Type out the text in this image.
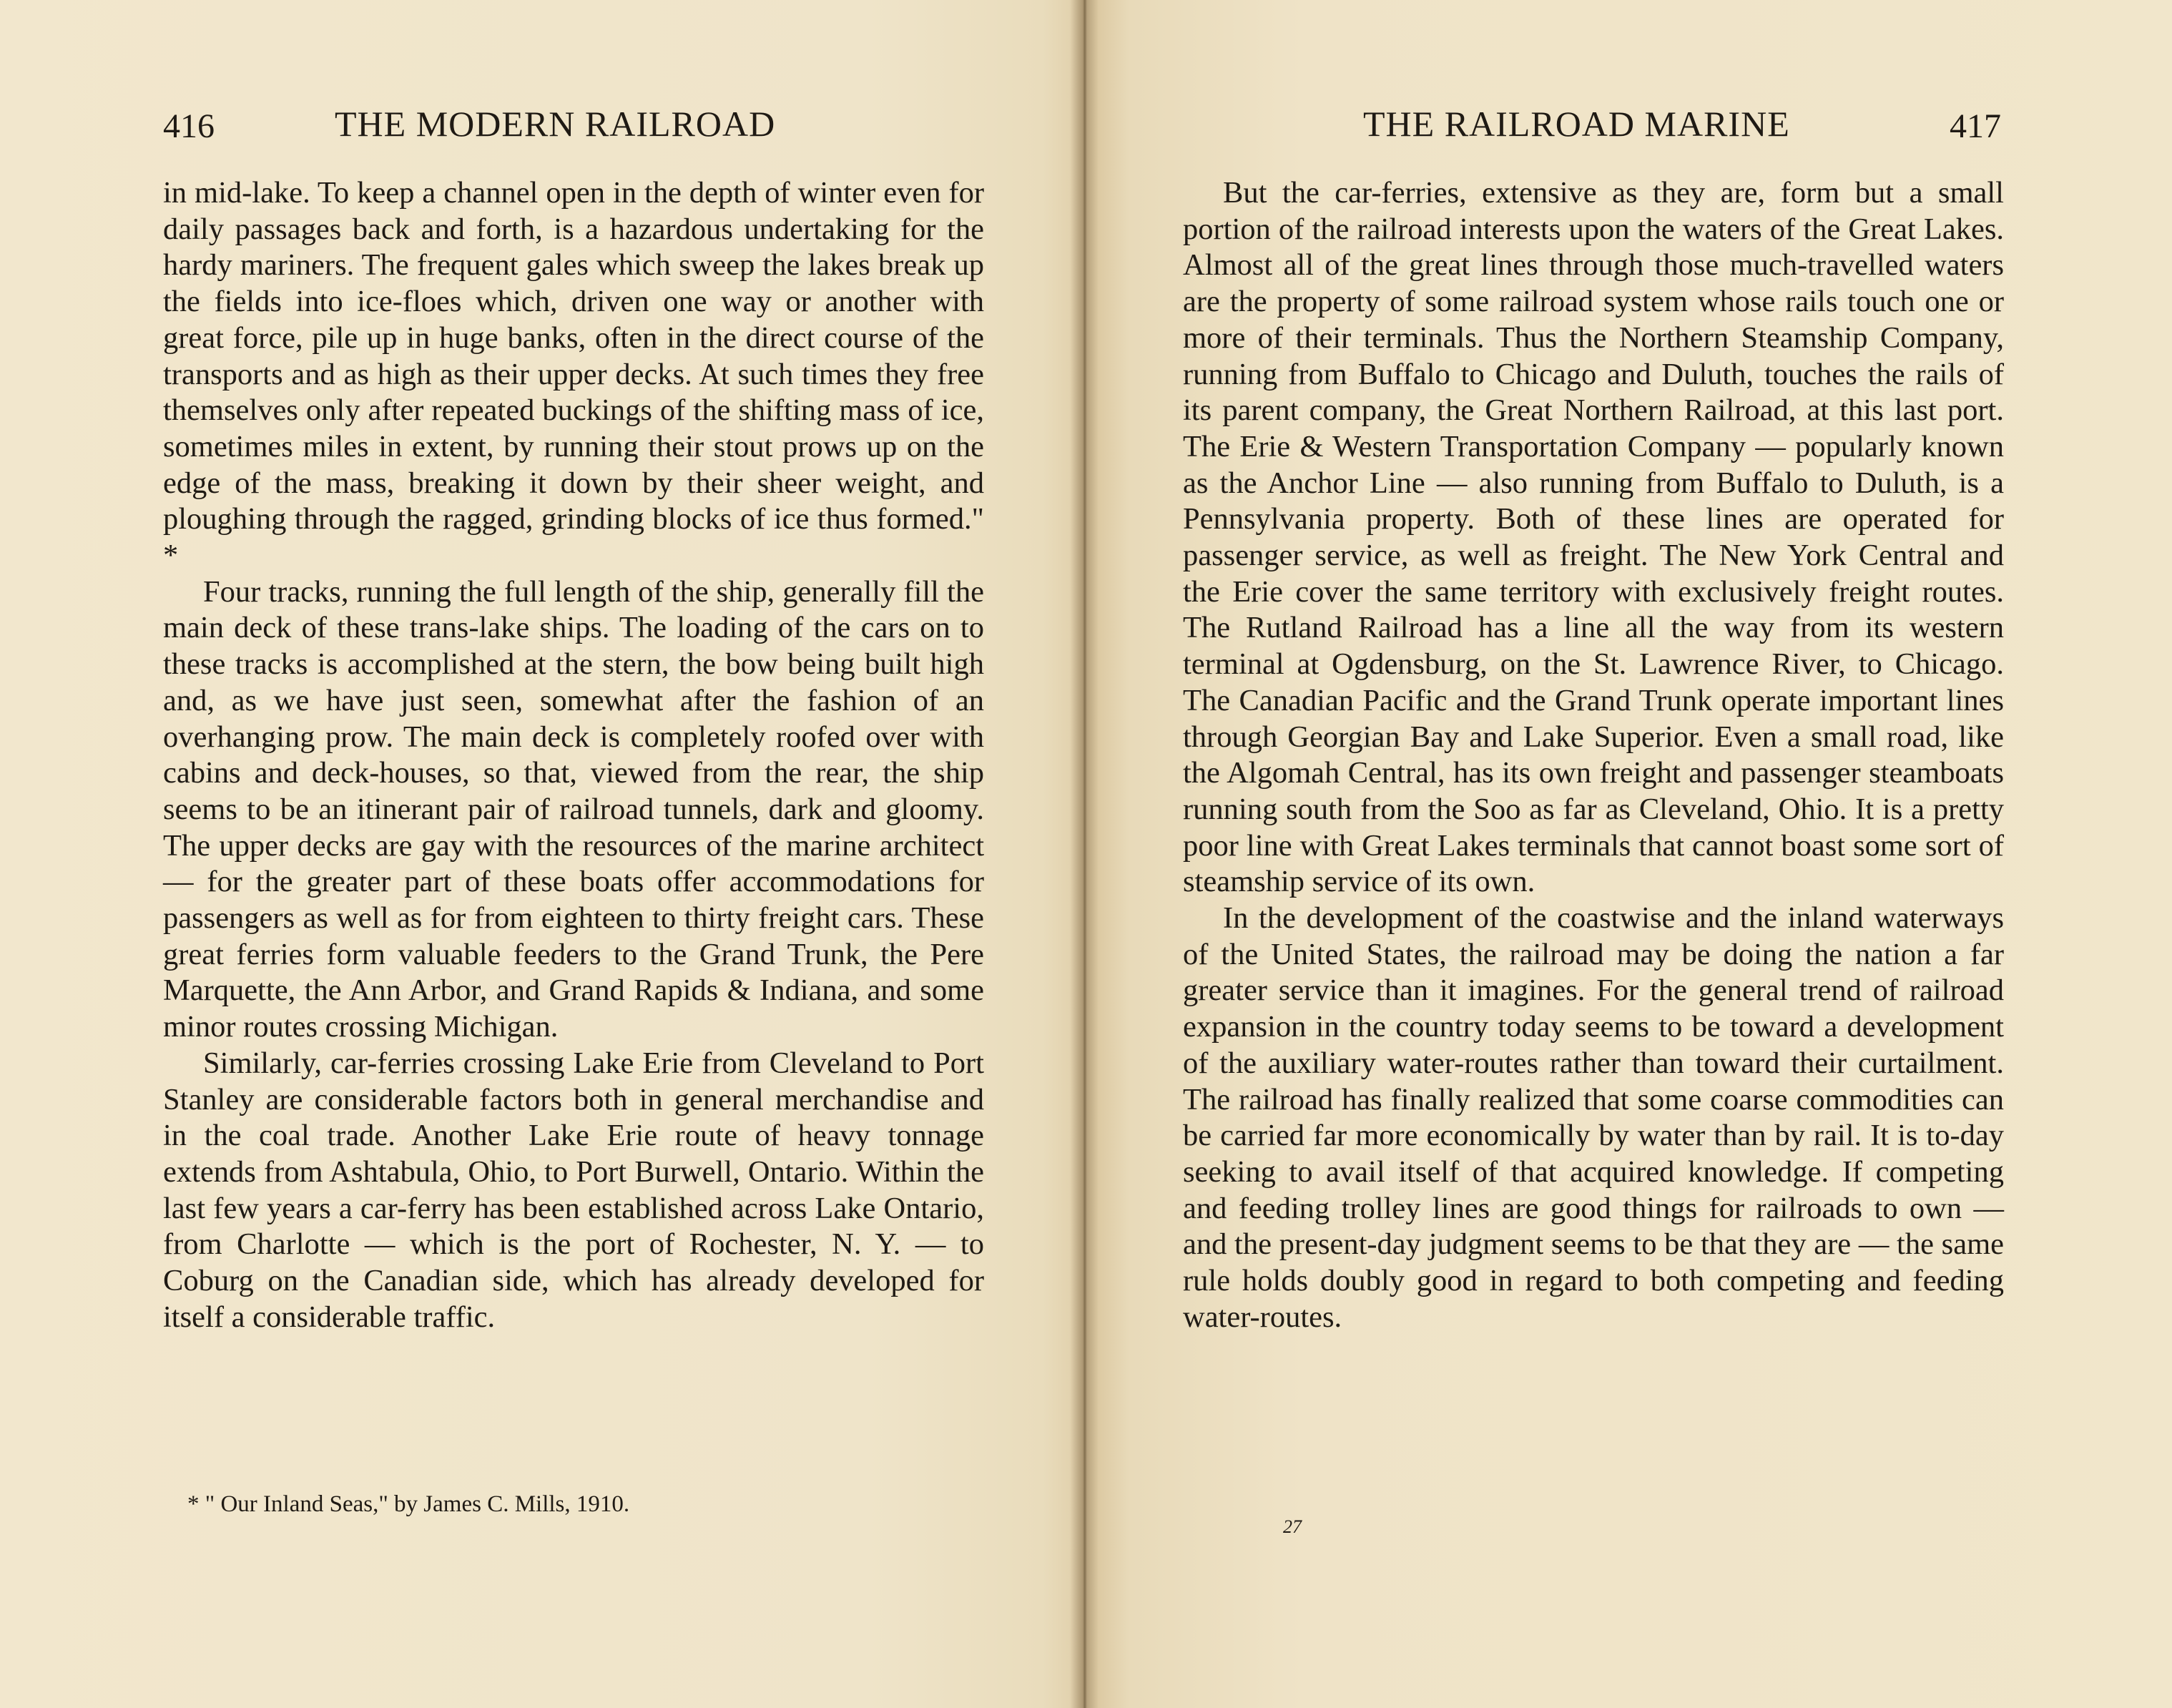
416	THE MODERN RAILROAD

in mid-lake. To keep a channel open in the depth of winter even for daily passages back and forth, is a hazardous undertaking for the hardy mariners. The frequent gales which sweep the lakes break up the fields into ice-floes which, driven one way or another with great force, pile up in huge banks, often in the direct course of the transports and as high as their upper decks. At such times they free themselves only after repeated buckings of the shifting mass of ice, sometimes miles in extent, by running their stout prows up on the edge of the mass, breaking it down by their sheer weight, and ploughing through the ragged, grinding blocks of ice thus formed." *

Four tracks, running the full length of the ship, generally fill the main deck of these trans-lake ships. The loading of the cars on to these tracks is accomplished at the stern, the bow being built high and, as we have just seen, somewhat after the fashion of an overhanging prow. The main deck is completely roofed over with cabins and deck-houses, so that, viewed from the rear, the ship seems to be an itinerant pair of railroad tunnels, dark and gloomy. The upper decks are gay with the resources of the marine architect — for the greater part of these boats offer accommodations for passengers as well as for from eighteen to thirty freight cars. These great ferries form valuable feeders to the Grand Trunk, the Pere Marquette, the Ann Arbor, and Grand Rapids & Indiana, and some minor routes crossing Michigan.

Similarly, car-ferries crossing Lake Erie from Cleveland to Port Stanley are considerable factors both in general merchandise and in the coal trade. Another Lake Erie route of heavy tonnage extends from Ashtabula, Ohio, to Port Burwell, Ontario. Within the last few years a car-ferry has been established across Lake Ontario, from Charlotte — which is the port of Rochester, N. Y. — to Coburg on the Canadian side, which has already developed for itself a considerable traffic.

* " Our Inland Seas," by James C. Mills, 1910.
THE RAILROAD MARINE	417

But the car-ferries, extensive as they are, form but a small portion of the railroad interests upon the waters of the Great Lakes. Almost all of the great lines through those much-travelled waters are the property of some railroad system whose rails touch one or more of their terminals. Thus the Northern Steamship Company, running from Buffalo to Chicago and Duluth, touches the rails of its parent company, the Great Northern Railroad, at this last port. The Erie & Western Transportation Company — popularly known as the Anchor Line — also running from Buffalo to Duluth, is a Pennsylvania property. Both of these lines are operated for passenger service, as well as freight. The New York Central and the Erie cover the same territory with exclusively freight routes. The Rutland Railroad has a line all the way from its western terminal at Ogdensburg, on the St. Lawrence River, to Chicago. The Canadian Pacific and the Grand Trunk operate important lines through Georgian Bay and Lake Superior. Even a small road, like the Algomah Central, has its own freight and passenger steamboats running south from the Soo as far as Cleveland, Ohio. It is a pretty poor line with Great Lakes terminals that cannot boast some sort of steamship service of its own.

In the development of the coastwise and the inland waterways of the United States, the railroad may be doing the nation a far greater service than it imagines. For the general trend of railroad expansion in the country today seems to be toward a development of the auxiliary water-routes rather than toward their curtailment. The railroad has finally realized that some coarse commodities can be carried far more economically by water than by rail. It is to-day seeking to avail itself of that acquired knowledge. If competing and feeding trolley lines are good things for railroads to own — and the present-day judgment seems to be that they are — the same rule holds doubly good in regard to both competing and feeding water-routes.

27
